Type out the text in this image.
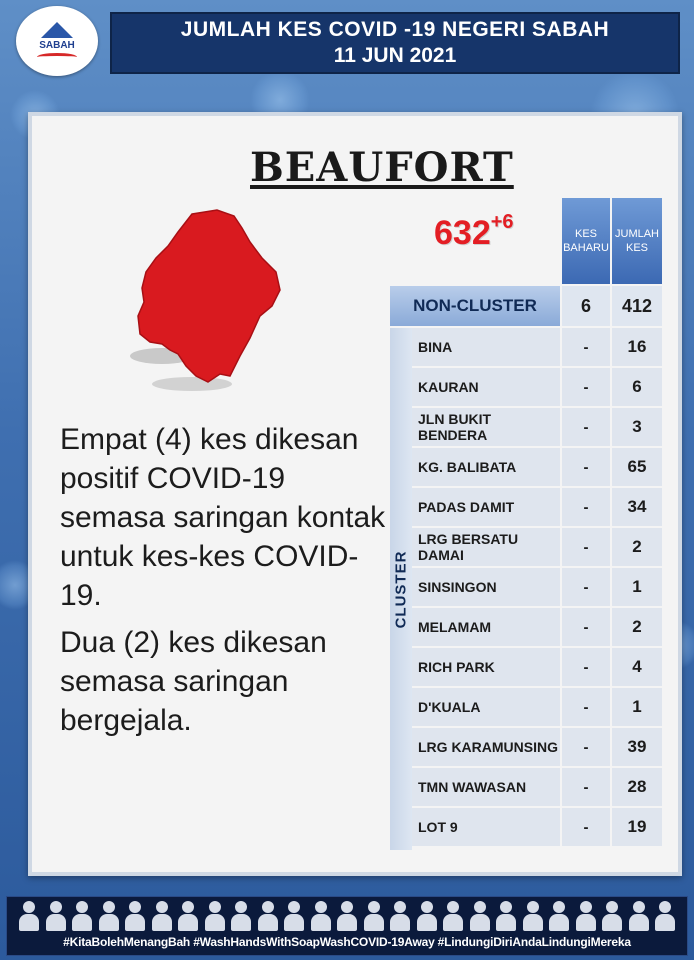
SABAH
JUMLAH KES COVID -19 NEGERI SABAH
11 JUN 2021
BEAUFORT
$632^{+6}$

Empat (4) kes dikesan positif COVID-19 semasa saringan kontak untuk kes-kes COVID-19.

Dua (2) kes dikesan semasa saringan bergejala.

KES BAHARU
JUMLAH KES
NON-CLUSTER	6	412
CLUSTER
BINA	-	16
KAURAN	-	6
JLN BUKIT BENDERA	-	3
KG. BALIBATA	-	65
PADAS DAMIT	-	34
LRG BERSATU DAMAI	-	2
SINSINGON	-	1
MELAMAM	-	2
RICH PARK	-	4
D'KUALA	-	1
LRG KARAMUNSING	-	39
TMN WAWASAN	-	28
LOT 9	-	19
#KitaBolehMenangBah #WashHandsWithSoapWashCOVID-19Away #LindungiDiriAndaLindungiMereka
